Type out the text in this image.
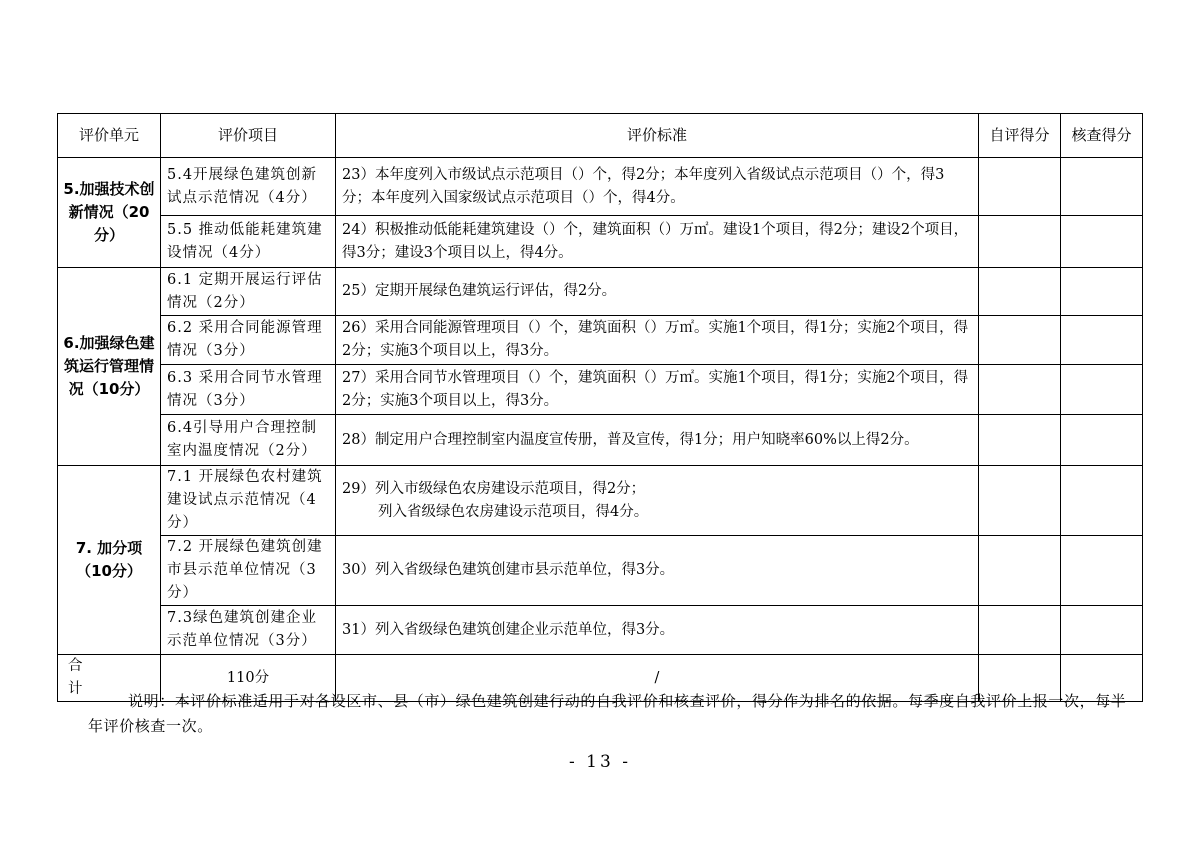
评价单元	评价项目	评价标准	自评得分	核查得分
5.加强技术创新情况（20分）	5.4开展绿色建筑创新试点示范情况（4分）	23）本年度列入市级试点示范项目（）个，得2分；本年度列入省级试点示范项目（）个，得3分；本年度列入国家级试点示范项目（）个，得4分。		
	5.5 推动低能耗建筑建设情况（4分）	24）积极推动低能耗建筑建设（）个，建筑面积（）万㎡。建设1个项目，得2分；建设2个项目，得3分；建设3个项目以上，得4分。		
6.加强绿色建筑运行管理情况（10分）	6.1 定期开展运行评估情况（2分）	25）定期开展绿色建筑运行评估，得2分。		
	6.2 采用合同能源管理情况（3分）	26）采用合同能源管理项目（）个，建筑面积（）万㎡。实施1个项目，得1分；实施2个项目，得2分；实施3个项目以上，得3分。		
	6.3 采用合同节水管理情况（3分）	27）采用合同节水管理项目（）个，建筑面积（）万㎡。实施1个项目，得1分；实施2个项目，得2分；实施3个项目以上，得3分。		
	6.4引导用户合理控制室内温度情况（2分）	28）制定用户合理控制室内温度宣传册，普及宣传，得1分；用户知晓率60%以上得2分。		
7. 加分项（10分）	7.1 开展绿色农村建筑建设试点示范情况（4分）	29）列入市级绿色农房建设示范项目，得2分；
列入省级绿色农房建设示范项目，得4分。		

	7.2 开展绿色建筑创建市县示范单位情况（3分）	30）列入省级绿色建筑创建市县示范单位，得3分。		
	7.3绿色建筑创建企业示范单位情况（3分）	31）列入省级绿色建筑创建企业示范单位，得3分。		
合计	110分	/		
说明：本评价标准适用于对各设区市、县（市）绿色建筑创建行动的自我评价和核查评价，得分作为排名的依据。每季度自我评价上报一次，每半年评价核查一次。
- 13 -
